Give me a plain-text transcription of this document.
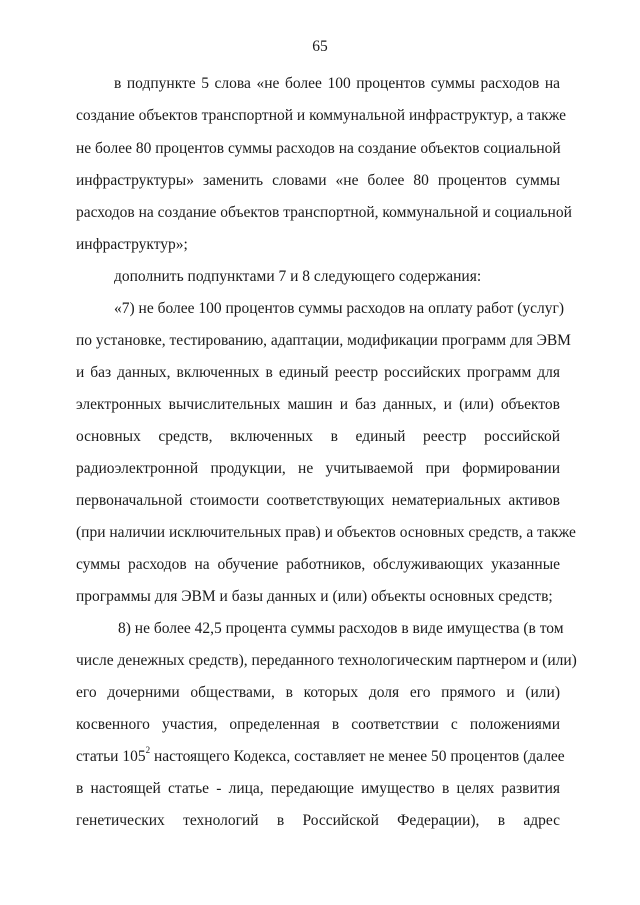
65
в подпункте 5 слова «не более 100 процентов суммы расходов на
создание объектов транспортной и коммунальной инфраструктур, а также
не более 80 процентов суммы расходов на создание объектов социальной
инфраструктуры» заменить словами «не более 80 процентов суммы
расходов на создание объектов транспортной, коммунальной и социальной
инфраструктур»;
дополнить подпунктами 7 и 8 следующего содержания:
«7) не более 100 процентов суммы расходов на оплату работ (услуг)
по установке, тестированию, адаптации, модификации программ для ЭВМ
и баз данных, включенных в единый реестр российских программ для
электронных вычислительных машин и баз данных, и (или) объектов
основных средств, включенных в единый реестр российской
радиоэлектронной продукции, не учитываемой при формировании
первоначальной стоимости соответствующих нематериальных активов
(при наличии исключительных прав) и объектов основных средств, а также
суммы расходов на обучение работников, обслуживающих указанные
программы для ЭВМ и базы данных и (или) объекты основных средств;
8) не более 42,5 процента суммы расходов в виде имущества (в том
числе денежных средств), переданного технологическим партнером и (или)
его дочерними обществами, в которых доля его прямого и (или)
косвенного участия, определенная в соответствии с положениями
статьи $105^2$ настоящего Кодекса, составляет не менее 50 процентов (далее
в настоящей статье - лица, передающие имущество в целях развития
генетических технологий в Российской Федерации), в адрес
